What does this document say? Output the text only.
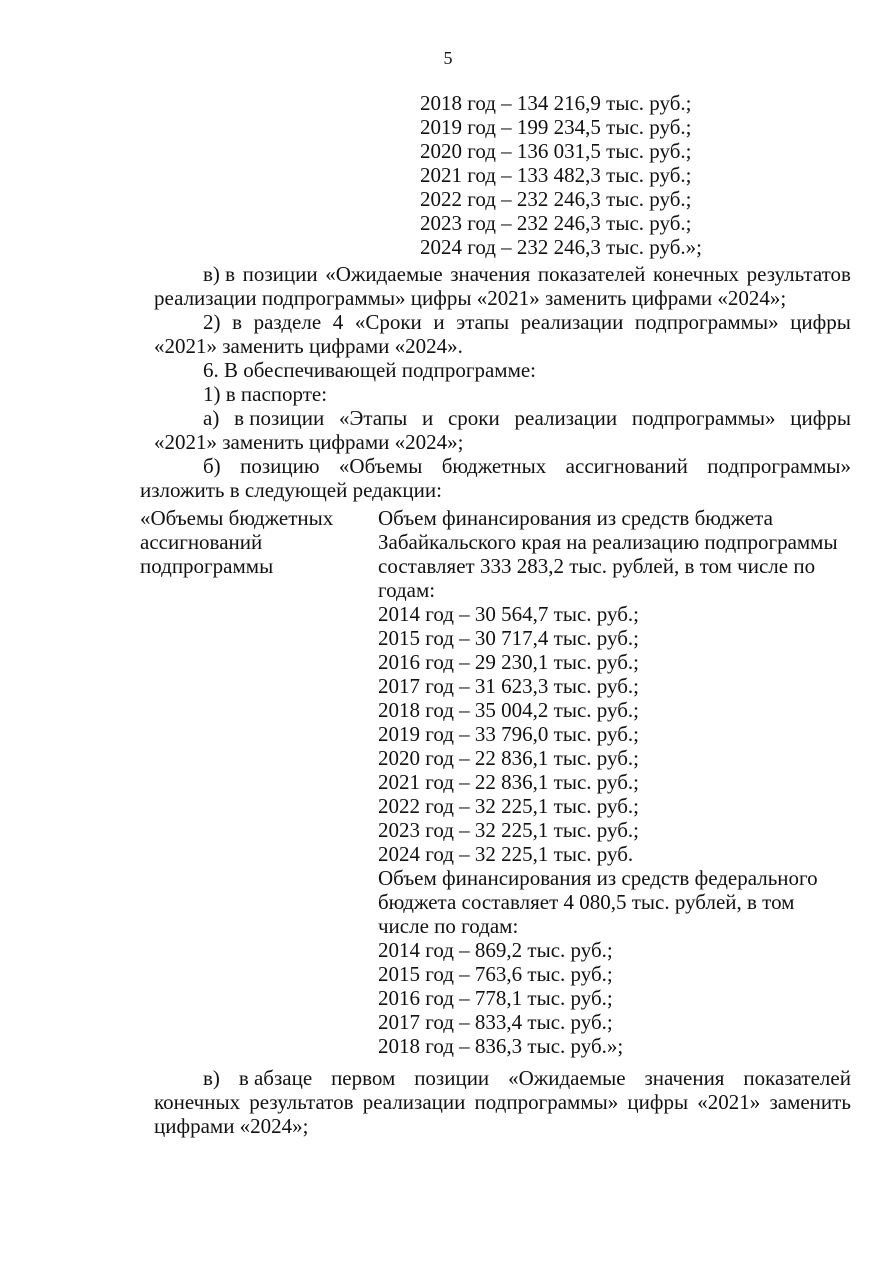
5
2018 год – 134 216,9 тыс. руб.;
2019 год – 199 234,5 тыс. руб.;
2020 год – 136 031,5 тыс. руб.;
2021 год – 133 482,3 тыс. руб.;
2022 год – 232 246,3 тыс. руб.;
2023 год – 232 246,3 тыс. руб.;
2024 год – 232 246,3 тыс. руб.»;
в) в позиции «Ожидаемые значения показателей конечных результатов
реализации подпрограммы» цифры «2021» заменить цифрами «2024»;
2) в разделе 4 «Сроки и этапы реализации подпрограммы» цифры
«2021» заменить цифрами «2024».
6. В обеспечивающей подпрограмме:
1) в паспорте:
а) в позиции «Этапы и сроки реализации подпрограммы» цифры
«2021» заменить цифрами «2024»;
б) позицию «Объемы бюджетных ассигнований подпрограммы»
изложить в следующей редакции:
«Объемы бюджетных
ассигнований
подпрограммы
Объем финансирования из средств бюджета
Забайкальского края на реализацию подпрограммы
составляет 333 283,2 тыс. рублей, в том числе по
годам:
2014 год – 30 564,7 тыс. руб.;
2015 год – 30 717,4 тыс. руб.;
2016 год – 29 230,1 тыс. руб.;
2017 год – 31 623,3 тыс. руб.;
2018 год – 35 004,2 тыс. руб.;
2019 год – 33 796,0 тыс. руб.;
2020 год – 22 836,1 тыс. руб.;
2021 год – 22 836,1 тыс. руб.;
2022 год – 32 225,1 тыс. руб.;
2023 год – 32 225,1 тыс. руб.;
2024 год – 32 225,1 тыс. руб.
Объем финансирования из средств федерального
бюджета составляет 4 080,5 тыс. рублей, в том
числе по годам:
2014 год – 869,2 тыс. руб.;
2015 год – 763,6 тыс. руб.;
2016 год – 778,1 тыс. руб.;
2017 год – 833,4 тыс. руб.;
2018 год – 836,3 тыс. руб.»;
в) в абзаце первом позиции «Ожидаемые значения показателей
конечных результатов реализации подпрограммы» цифры «2021» заменить
цифрами «2024»;
